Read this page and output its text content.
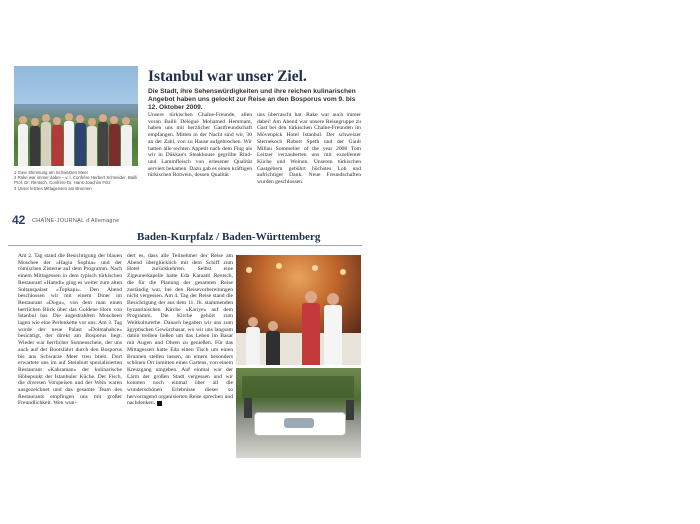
1 Gute Stimmung am Schwarzen Meer
2 Rake war immer dabei – v. l. Confrère Herbert Schneider, Bailli Prof. Dr. Rentsch, Confrère Dr. Hans-Joachim Fritz
3 Unser letztes Mittagessen am Brunnen
Istanbul war unser Ziel.
Die Stadt, ihre Sehenswürdigkeiten und ihre reichen kulinarischen Angebot haben uns gelockt zur Reise an den Bosporus vom 9. bis 12. Oktober 2009.

Unsere türkischen Chaîne-Freunde, allen voran Bailli Délégué Mohamed Hemmam, haben uns mit herzlicher Gastfreundschaft empfangen. Mitten in der Nacht sind wir, 30 an der Zahl, von zu Hause aufgebrochen. Wir hatten alle rechten Appetit nach dem Flug als wir in Dükkan's Steakhouse gegrillte Rind- und Lammfleisch von erlesener Qualität serviert bekamen. Dazu gab es einen kräftigen türkischen Rotwein, dessen Qualität

uns überrascht hat. Rake war auch immer dabei! Am Abend war unsere Reisegruppe zu Gast bei den türkischen Chaîne-Freunden im Mövenpick Hotel Istanbul. Der schweizer Sternekoch Robert Speth und der Gault Millau Sommelier of the year 2008 Tom Leitzer verzauberten uns mit exzellenter Küche und Weinen. Unseren türkischen Gastgebern gebührt höchstes Lob und aufrichtiger Dank. Neue Freundschaften wurden geschlossen.

42 CHAÎNE-JOURNAL d'Allemagne
Baden-Kurpfalz / Baden-Württemberg

Am 2. Tag stand die Besichtigung der blauen Moschee der «Hagia Sophia» und der römischen Zisterne auf dem Programm. Nach einem Mittagessen in dem typisch türkischen Restaurant «Hamdi» ging es weiter zum alten Sultanspalast «Topkapi». Den Abend beschlossen wir mit einem Diner im Restaurant «Dogu», von dem man einen herrlichen Blick über das Goldene Horn von Istanbul hat. Die angestrahlten Moscheen lagen wie eine Perlenkette vor uns. Am 3. Tag wurde der neue Palast «Dolmabahce» besichtigt, der direkt am Bosporus liegt. Wieder war herrlicher Sonnenschein, der uns auch auf der Bootsfahrt durch den Bosporus bis ans Schwarze Meer treu blieb. Dort erwartete uns im auf Steinbutt spezialisierten Restaurant «Kahraman» der kulinarische Höhepunkt der Istanbuler Küche. Der Fisch, die diversen Vorspeisen und der Wein waren ausgezeichnet und das gesamte Team des Restaurants empfingen uns mit großer Freundlichkeit. Wen wun-

dert es, dass alle Teilnehmer der Reise am Abend überglücklich mit dem Schiff zum Hotel zurückkehrten. Selbst eine Zigeunerkapelle hatte Eda Karaatli Rentsch, die für die Planung der gesamten Reise zuständig war, bei den Reisevorbereitungen nicht vergessen. Am 4. Tag der Reise stand die Besichtigung der aus dem 11. Jh. stammenden byzantinischen Kirche «Kariye» auf dem Programm. Die Kirche gehört zum Weltkulturerbe. Danach begaben wir uns zum ägyptischen Gewürzbasar, wo wir uns langsam dahin treiben ließen um das Leben im Basar mit Augen und Ohren zu genießen. Für das Mittagessen hatte Eda einen Tisch um einen Brunnen stellen lassen, an einem besonders schönen Ort inmitten eines Gartens, von einem Kreuzgang umgeben. Auf einmal war der Lärm der großen Stadt vergessen und wir konnten noch einmal über all die wunderschönen Erlebnisse dieser so hervorragend organisierten Reise sprechen und nachdenken.
